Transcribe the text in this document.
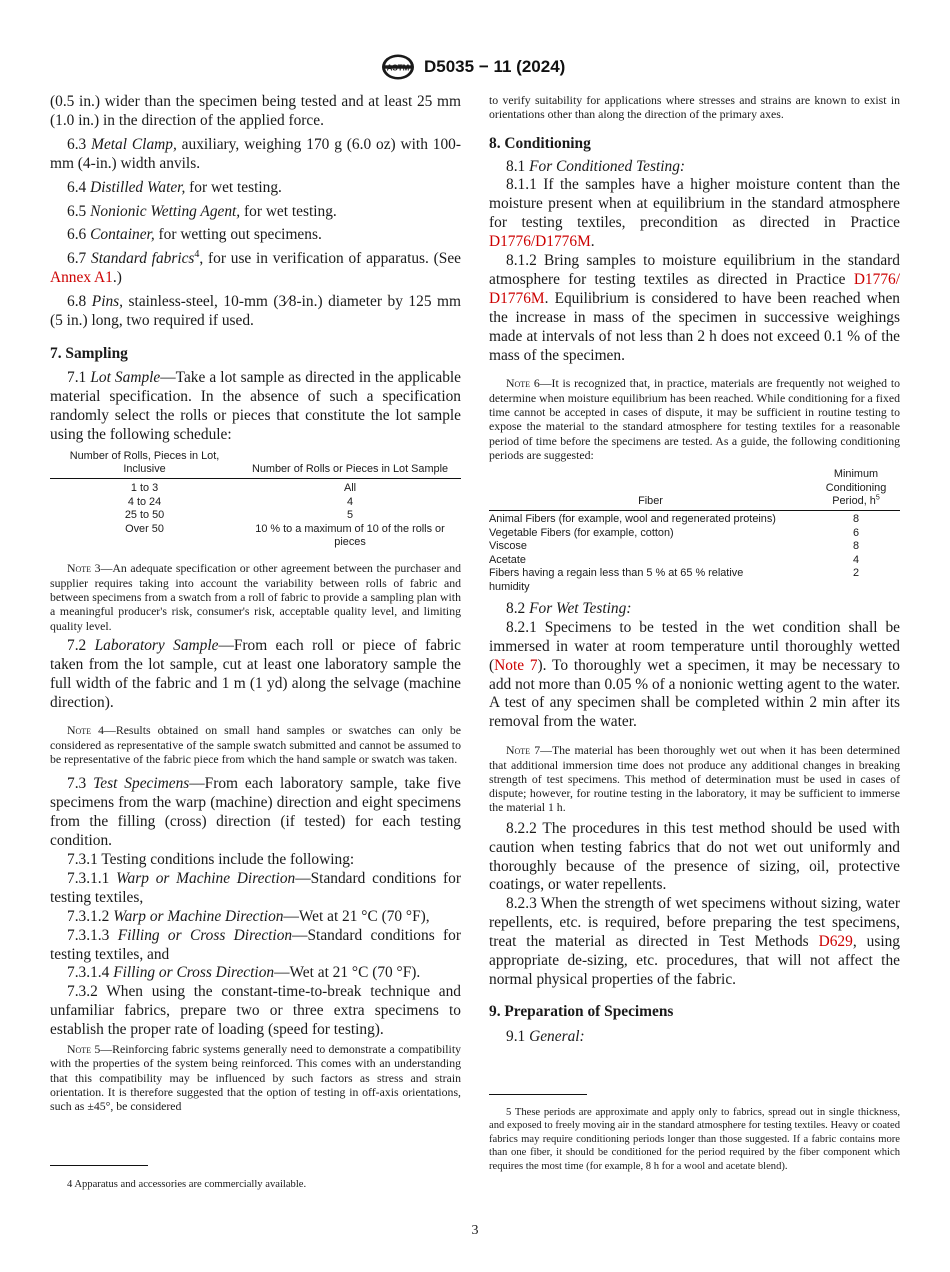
ASTM D5035 − 11 (2024)

(0.5 in.) wider than the specimen being tested and at least 25 mm (1.0 in.) in the direction of the applied force.

6.3 Metal Clamp, auxiliary, weighing 170 g (6.0 oz) with 100-mm (4-in.) width anvils.

6.4 Distilled Water, for wet testing.

6.5 Nonionic Wetting Agent, for wet testing.

6.6 Container, for wetting out specimens.

6.7 Standard fabrics$^4$, for use in verification of apparatus. (See Annex A1.)

6.8 Pins, stainless-steel, 10-mm (3⁄8-in.) diameter by 125 mm (5 in.) long, two required if used.

7. Sampling

7.1 Lot Sample—Take a lot sample as directed in the applicable material specification. In the absence of such a specification randomly select the rolls or pieces that constitute the lot sample using the following schedule:

Number of Rolls, Pieces in Lot, Inclusive	Number of Rolls or Pieces in Lot Sample
1 to 3	All
4 to 24	4
25 to 50	5
Over 50	10 % to a maximum of 10 of the rolls or pieces

Note 3—An adequate specification or other agreement between the purchaser and supplier requires taking into account the variability between rolls of fabric and between specimens from a swatch from a roll of fabric to provide a sampling plan with a meaningful producer's risk, consumer's risk, acceptable quality level, and limiting quality level.

7.2 Laboratory Sample—From each roll or piece of fabric taken from the lot sample, cut at least one laboratory sample the full width of the fabric and 1 m (1 yd) along the selvage (machine direction).

Note 4—Results obtained on small hand samples or swatches can only be considered as representative of the sample swatch submitted and cannot be assumed to be representative of the fabric piece from which the hand sample or swatch was taken.

7.3 Test Specimens—From each laboratory sample, take five specimens from the warp (machine) direction and eight specimens from the filling (cross) direction (if tested) for each testing condition.

7.3.1 Testing conditions include the following:

7.3.1.1 Warp or Machine Direction—Standard conditions for testing textiles,

7.3.1.2 Warp or Machine Direction—Wet at 21 °C (70 °F),

7.3.1.3 Filling or Cross Direction—Standard conditions for testing textiles, and

7.3.1.4 Filling or Cross Direction—Wet at 21 °C (70 °F).

7.3.2 When using the constant-time-to-break technique and unfamiliar fabrics, prepare two or three extra specimens to establish the proper rate of loading (speed for testing).

Note 5—Reinforcing fabric systems generally need to demonstrate a compatibility with the properties of the system being reinforced. This comes with an understanding that this compatibility may be influenced by such factors as stress and strain orientation. It is therefore suggested that the option of testing in off-axis orientations, such as ±45°, be considered

4 Apparatus and accessories are commercially available.

to verify suitability for applications where stresses and strains are known to exist in orientations other than along the direction of the primary axes.

8. Conditioning

8.1 For Conditioned Testing:

8.1.1 If the samples have a higher moisture content than the moisture present when at equilibrium in the standard atmosphere for testing textiles, precondition as directed in Practice D1776/D1776M.

8.1.2 Bring samples to moisture equilibrium in the standard atmosphere for testing textiles as directed in Practice D1776/ D1776M. Equilibrium is considered to have been reached when the increase in mass of the specimen in successive weighings made at intervals of not less than 2 h does not exceed 0.1 % of the mass of the specimen.

Note 6—It is recognized that, in practice, materials are frequently not weighed to determine when moisture equilibrium has been reached. While conditioning for a fixed time cannot be accepted in cases of dispute, it may be sufficient in routine testing to expose the material to the standard atmosphere for testing textiles for a reasonable period of time before the specimens are tested. As a guide, the following conditioning periods are suggested:

Fiber	Minimum Conditioning Period, $h^5$
Animal Fibers (for example, wool and regenerated proteins)	8
Vegetable Fibers (for example, cotton)	6
Viscose	8
Acetate	4
Fibers having a regain less than 5 % at 65 % relative humidity	2

8.2 For Wet Testing:

8.2.1 Specimens to be tested in the wet condition shall be immersed in water at room temperature until thoroughly wetted (Note 7). To thoroughly wet a specimen, it may be necessary to add not more than 0.05 % of a nonionic wetting agent to the water. A test of any specimen shall be completed within 2 min after its removal from the water.

Note 7—The material has been thoroughly wet out when it has been determined that additional immersion time does not produce any additional changes in breaking strength of test specimens. This method of determination must be used in cases of dispute; however, for routine testing in the laboratory, it may be sufficient to immerse the material 1 h.

8.2.2 The procedures in this test method should be used with caution when testing fabrics that do not wet out uniformly and thoroughly because of the presence of sizing, oil, protective coatings, or water repellents.

8.2.3 When the strength of wet specimens without sizing, water repellents, etc. is required, before preparing the test specimens, treat the material as directed in Test Methods D629, using appropriate de-sizing, etc. procedures, that will not affect the normal physical properties of the fabric.

9. Preparation of Specimens

9.1 General:

5 These periods are approximate and apply only to fabrics, spread out in single thickness, and exposed to freely moving air in the standard atmosphere for testing textiles. Heavy or coated fabrics may require conditioning periods longer than those suggested. If a fabric contains more than one fiber, it should be conditioned for the period required by the fiber component which requires the most time (for example, 8 h for a wool and acetate blend).

3
